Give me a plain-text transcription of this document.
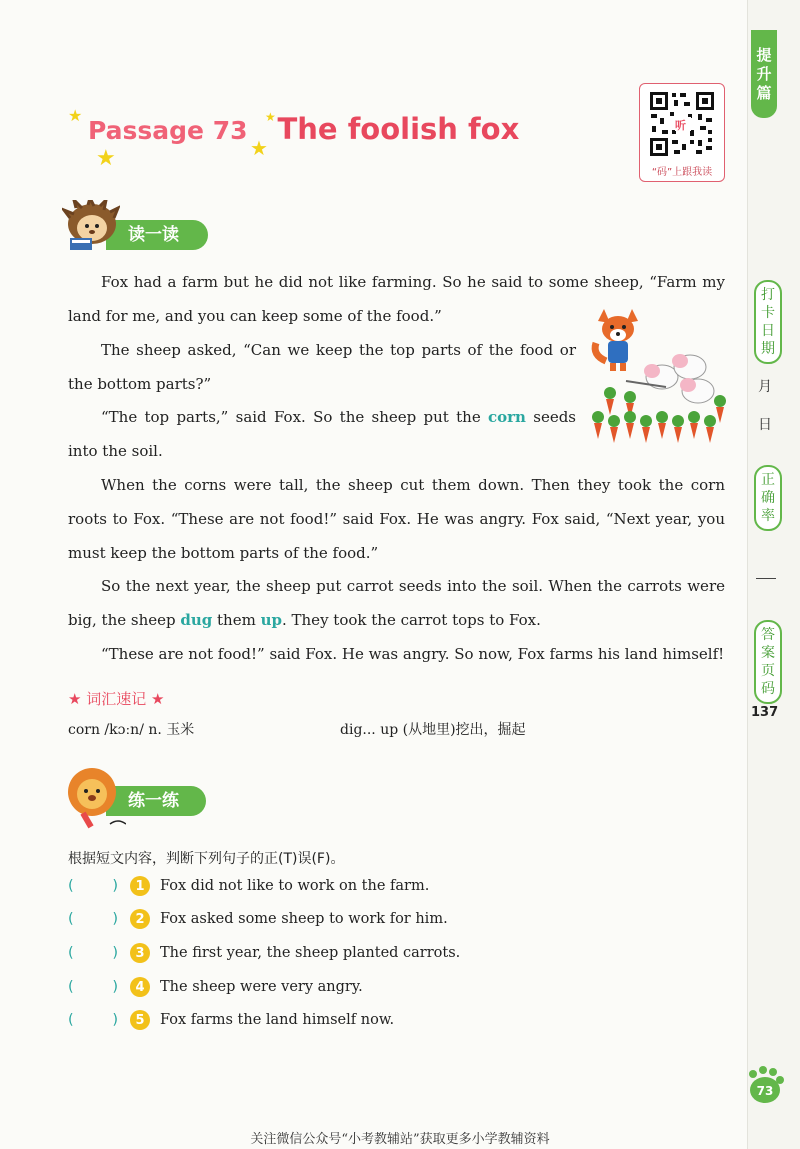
提
升
篇
打
卡
日
期
月
日
正
确
率
答
案
页
码
137
★
★	★
★
Passage 73 The foolish fox	听
“码”上跟我读
读一读

Fox had a farm but he did not like farming. So he said to some sheep, “Farm my land for me, and you can keep some of the food.”

The sheep asked, “Can we keep the top parts of the food or the bottom parts?”

“The top parts,” said Fox. So the sheep put the corn seeds into the soil.

When the corns were tall, the sheep cut them down. Then they took the corn roots to Fox. “These are not food!” said Fox. He was angry. Fox said, “Next year, you must keep the bottom parts of the food.”

So the next year, the sheep put carrot seeds into the soil. When the carrots were big, the sheep dug them up. They took the carrot tops to Fox.

“These are not food!” said Fox. He was angry. So now, Fox farms his land himself!

★ 词汇速记 ★
corn /kɔːn/ n. 玉米	dig... up (从地里)挖出，掘起
练一练
根据短文内容，判断下列句子的正(T)误(F)。
(	)	1	Fox did not like to work on the farm.
(	)	2	Fox asked some sheep to work for him.
(	)	3	The first year, the sheep planted carrots.
(	)	4	The sheep were very angry.
(	)	5	Fox farms the land himself now.
73
关注微信公众号“小考教辅站”获取更多小学教辅资料
